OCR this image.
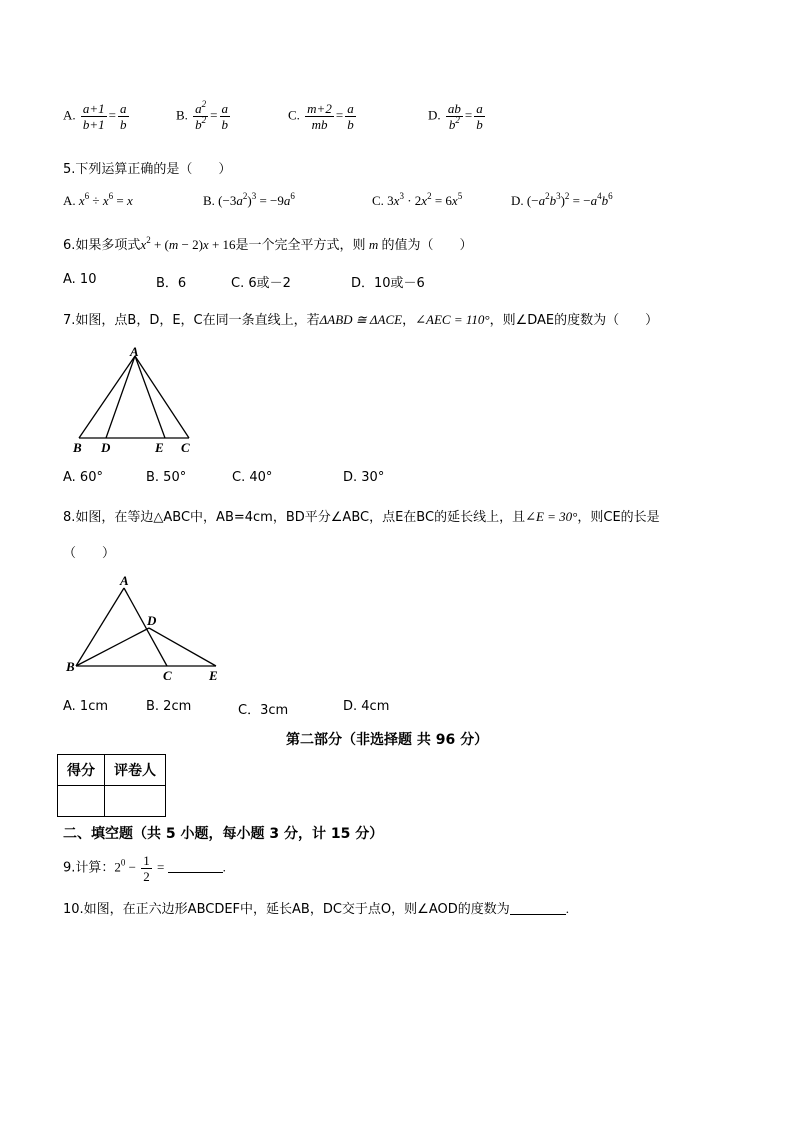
A. $\frac{a+1}{b+1} = \frac{a}{b}$	B. $\frac{a^2}{b^2} = \frac{a}{b}$	C. $\frac{m+2}{mb} = \frac{a}{b}$	D. $\frac{ab}{b^2} = \frac{a}{b}$
5.下列运算正确的是（　　）
A. $x^6 \div x^6 = x$	B. $(-3a^2)^3 = -9a^6$	C. $3x^3 \cdot 2x^2 = 6x^5$	D. $(-a^2b^3)^2 = -a^4b^6$
6.如果多项式$x^2 + (m - 2)x + 16$是一个完全平方式，则 m 的值为（　　）
A. 10	B．6	C. 6或－2	D．10或－6
7.如图，点B，D，E，C在同一条直线上，若ΔABD ≅ ΔACE，∠AEC = 110°，则∠DAE的度数为（　　）
A
B D	E C
A. 60°	B. 50°	C. 40°	D. 30°
8.如图，在等边△ABC中，AB=4cm，BD平分∠ABC，点E在BC的延长线上，且∠E = 30°，则CE的长是
（　　）
A
D
B
C	E
A. 1cm	B. 2cm	C．3cm	D. 4cm
第二部分（非选择题 共 96 分）
得分	评卷人

二、填空题（共 5 小题，每小题 3 分，计 15 分）
9.计算：$2^0 - \frac{1}{2}$ =	.
10.如图，在正六边形ABCDEF中，延长AB，DC交于点O，则∠AOD的度数为	.
